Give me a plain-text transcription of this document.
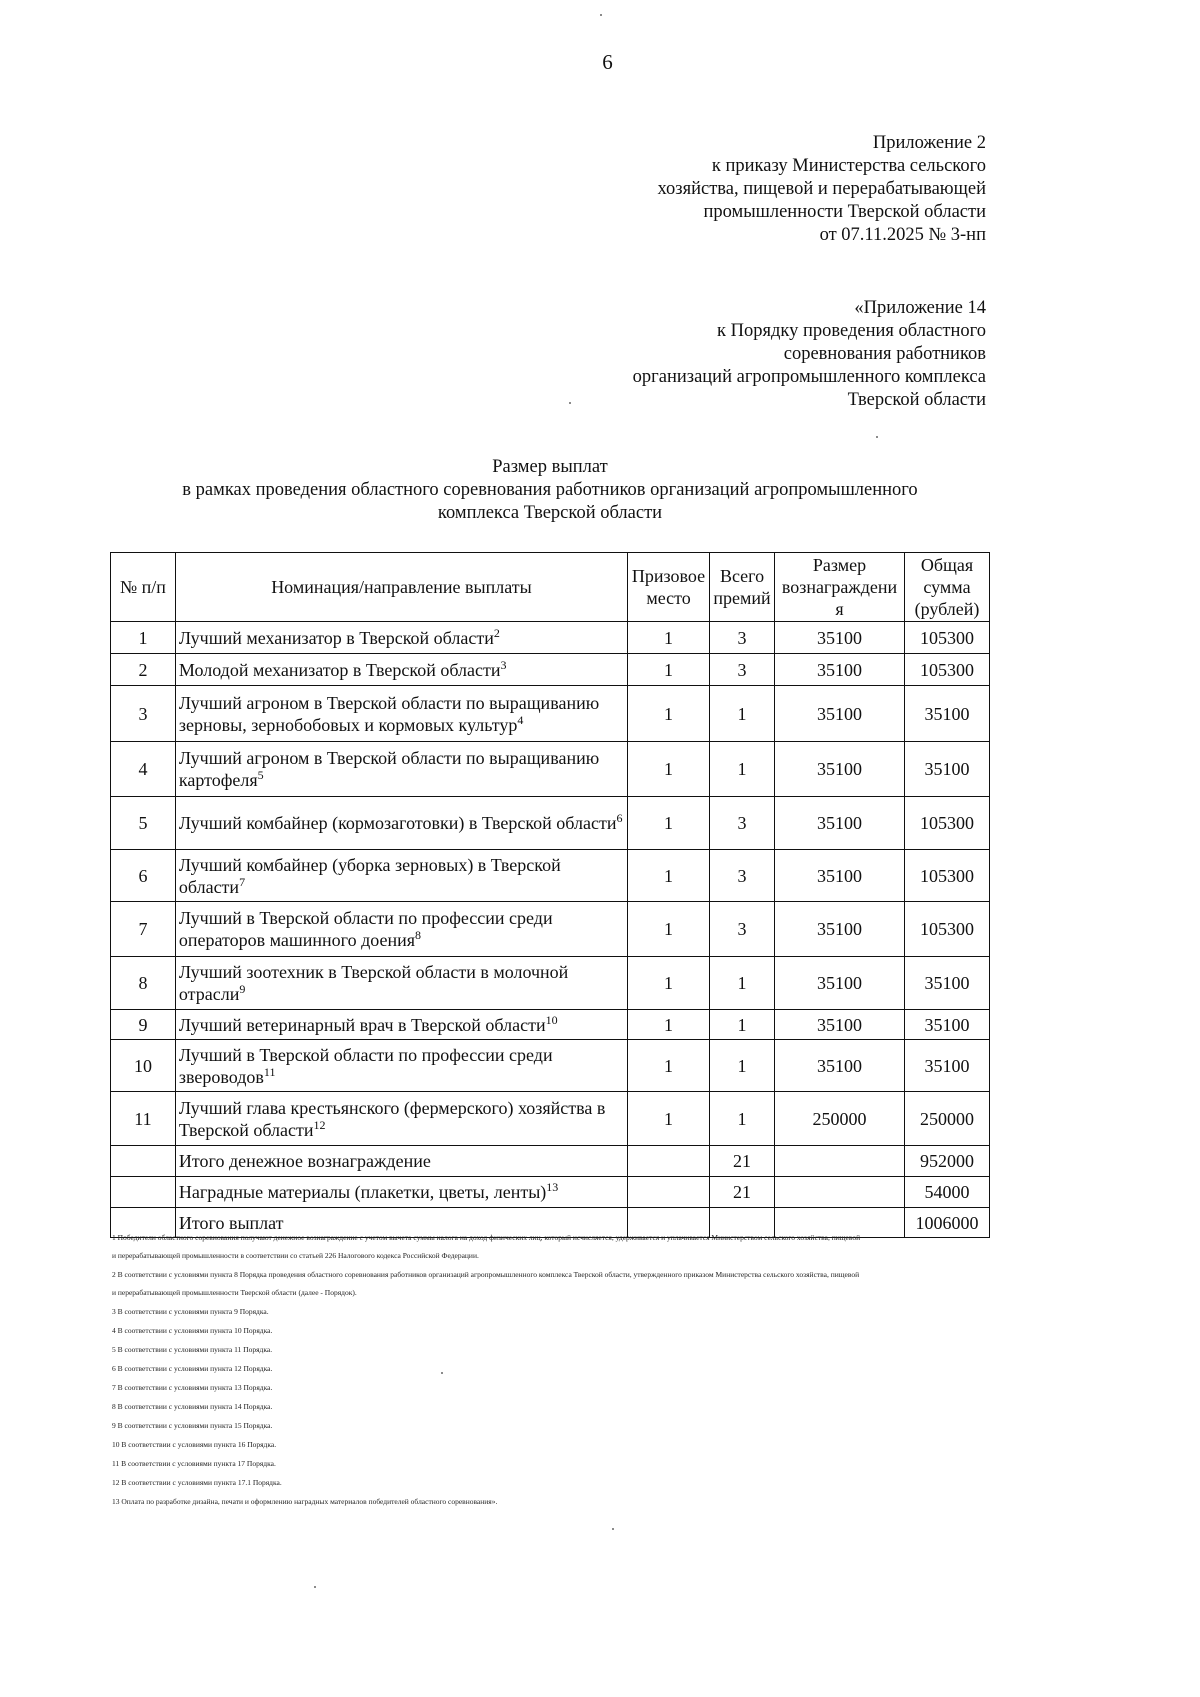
6
Приложение 2
к приказу Министерства сельского
хозяйства, пищевой и перерабатывающей
промышленности Тверской области
от 07.11.2025 № 3-нп
«Приложение 14
к Порядку проведения областного
соревнования работников
организаций агропромышленного комплекса
Тверской области
Размер выплат
в рамках проведения областного соревнования работников организаций агропромышленного
комплекса Тверской области
№ п/п	Номинация/направление выплаты	Призовое место	Всего премий	Размер вознаграждени я	Общая сумма (рублей)
1	Лучший механизатор в Тверской области$^2$	1	3	35100	105300
2	Молодой механизатор в Тверской области$^3$	1	3	35100	105300
3	Лучший агроном в Тверской области по выращиванию зерновы, зернобобовых и кормовых культур$^4$	1	1	35100	35100
4	Лучший агроном в Тверской области по выращиванию картофеля$^5$	1	1	35100	35100
5	Лучший комбайнер (кормозаготовки) в Тверской области$^6$	1	3	35100	105300
6	Лучший комбайнер (уборка зерновых) в Тверской области$^7$	1	3	35100	105300
7	Лучший в Тверской области по профессии среди операторов машинного доения$^8$	1	3	35100	105300
8	Лучший зоотехник в Тверской области в молочной отрасли$^9$	1	1	35100	35100
9	Лучший ветеринарный врач в Тверской области$^{10}$	1	1	35100	35100
10	Лучший в Тверской области по профессии среди звероводов$^{11}$	1	1	35100	35100
11	Лучший глава крестьянского (фермерского) хозяйства в Тверской области$^{12}$	1	1	250000	250000
	Итого денежное вознаграждение		21		952000
	Наградные материалы (плакетки, цветы, ленты)$^{13}$		21		54000
	Итого выплат				1006000

1 Победители областного соревнования получают денежное вознаграждение с учетом вычета суммы налога на доход физических лиц, который исчисляется, удерживается и уплачивается Министерством сельского хозяйства, пищевой

и перерабатывающей промышленности в соответствии со статьей 226 Налогового кодекса Российской Федерации.

2 В соответствии с условиями пункта 8 Порядка проведения областного соревнования работников организаций агропромышленного комплекса Тверской области, утвержденного приказом Министерства сельского хозяйства, пищевой

и перерабатывающей промышленности Тверской области (далее - Порядок).

3 В соответствии с условиями пункта 9 Порядка.

4 В соответствии с условиями пункта 10 Порядка.

5 В соответствии с условиями пункта 11 Порядка.

6 В соответствии с условиями пункта 12 Порядка.

7 В соответствии с условиями пункта 13 Порядка.

8 В соответствии с условиями пункта 14 Порядка.

9 В соответствии с условиями пункта 15 Порядка.

10 В соответствии с условиями пункта 16 Порядка.

11 В соответствии с условиями пункта 17 Порядка.

12 В соответствии с условиями пункта 17.1 Порядка.

13 Оплата по разработке дизайна, печати и оформлению наградных материалов победителей областного соревнования».
